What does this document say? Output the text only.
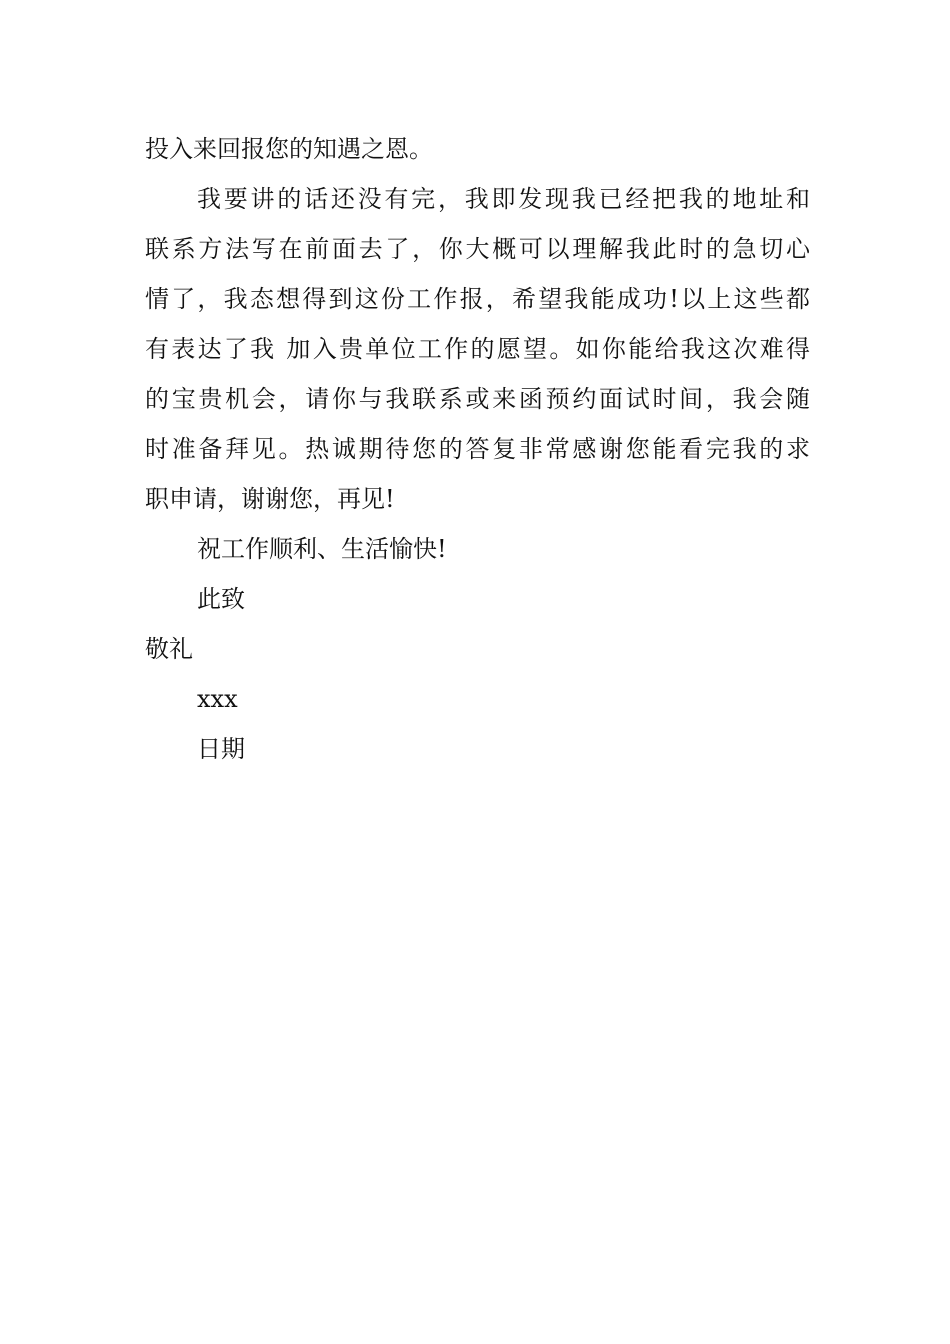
投入来回报您的知遇之恩。
我要讲的话还没有完，我即发现我已经把我的地址和
联系方法写在前面去了，你大概可以理解我此时的急切心
情了，我态想得到这份工作报，希望我能成功!以上这些都
有表达了我 加入贵单位工作的愿望。如你能给我这次难得
的宝贵机会，请你与我联系或来函预约面试时间，我会随
时准备拜见。热诚期待您的答复非常感谢您能看完我的求
职申请，谢谢您，再见!
祝工作顺利、生活愉快!
此致
敬礼
xxx
日期
